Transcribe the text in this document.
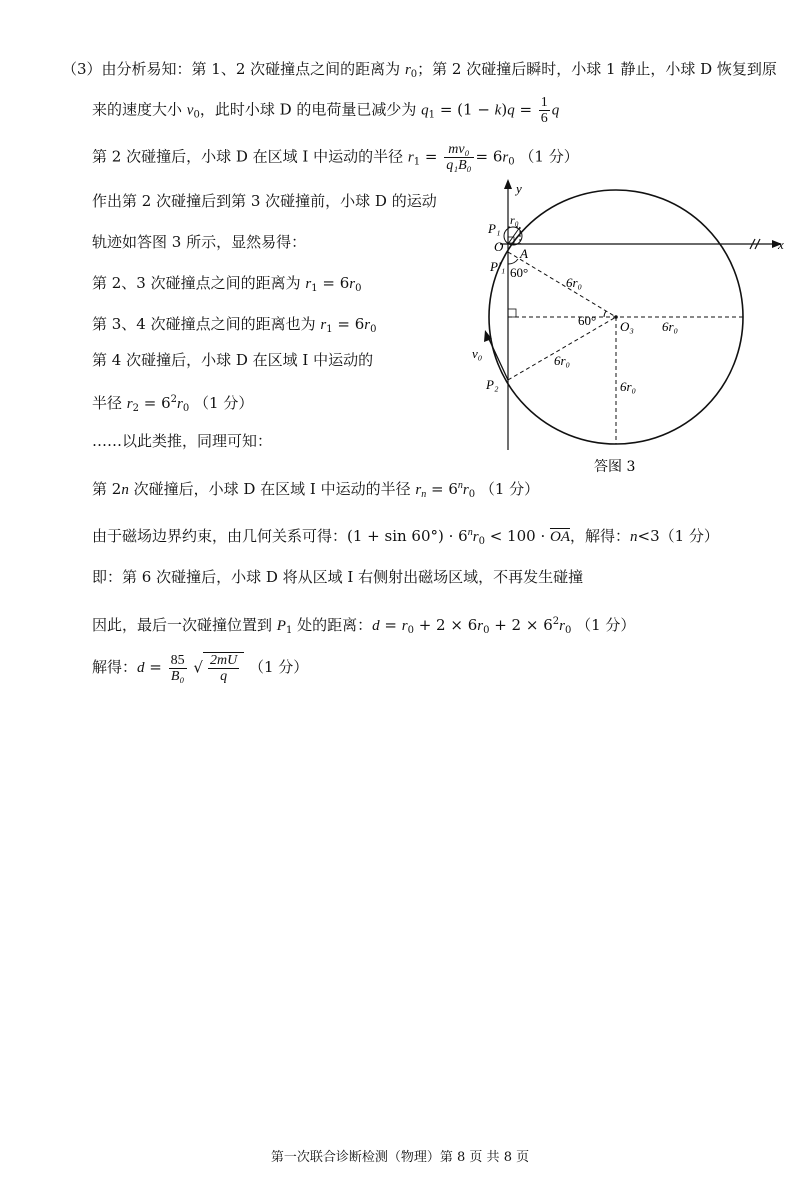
（3）由分析易知：第 1、2 次碰撞点之间的距离为 $r_0$；第 2 次碰撞后瞬时，小球 1 静止，小球 D 恢复到原
来的速度大小 $v_0$，此时小球 D 的电荷量已减少为 $q_1 = (1 - k)q = \frac{1}{6}$ q
第 2 次碰撞后，小球 D 在区域 Ⅰ 中运动的半径 $r_1 = \frac{\text{mv₀}}{\text{q₁B₀}} = 6r_0$ （1 分）
作出第 2 次碰撞后到第 3 次碰撞前，小球 D 的运动
轨迹如答图 3 所示，显然易得：
第 2、3 次碰撞点之间的距离为 $r_1 = 6r_0$
第 3、4 次碰撞点之间的距离也为 $r_1 = 6r_0$
第 4 次碰撞后，小球 D 在区域 Ⅰ 中运动的
半径 $r_2 = 6^2r_0$ （1 分）
……以此类推，同理可知：
第 2n 次碰撞后，小球 D 在区域 Ⅰ 中运动的半径 $r_n = 6^nr_0$ （1 分）
由于磁场边界约束，由几何关系可得：$(1 + \sin 60^\circ) \cdot 6^nr_0 < 100 \cdot \overline{OA}$，解得：n<3（1 分）
即：第 6 次碰撞后，小球 D 将从区域 Ⅰ 右侧射出磁场区域，不再发生碰撞
因此，最后一次碰撞位置到 $P_1$ 处的距离：$d = r_0 + 2 \times 6r_0 + 2 \times 6^2r_0$ （1 分）
解得：$d = \frac{85}{\text{B₀}}$ √ $\frac{2mU}{q} (1$ 分）
y
x
P₁
r₀
O A
P′₁ 60°
6r₀
60° O₃ 6r₀
v₀	6r₀
P₂	6r₀
答图 3
第一次联合诊断检测（物理）第 8 页 共 8 页
